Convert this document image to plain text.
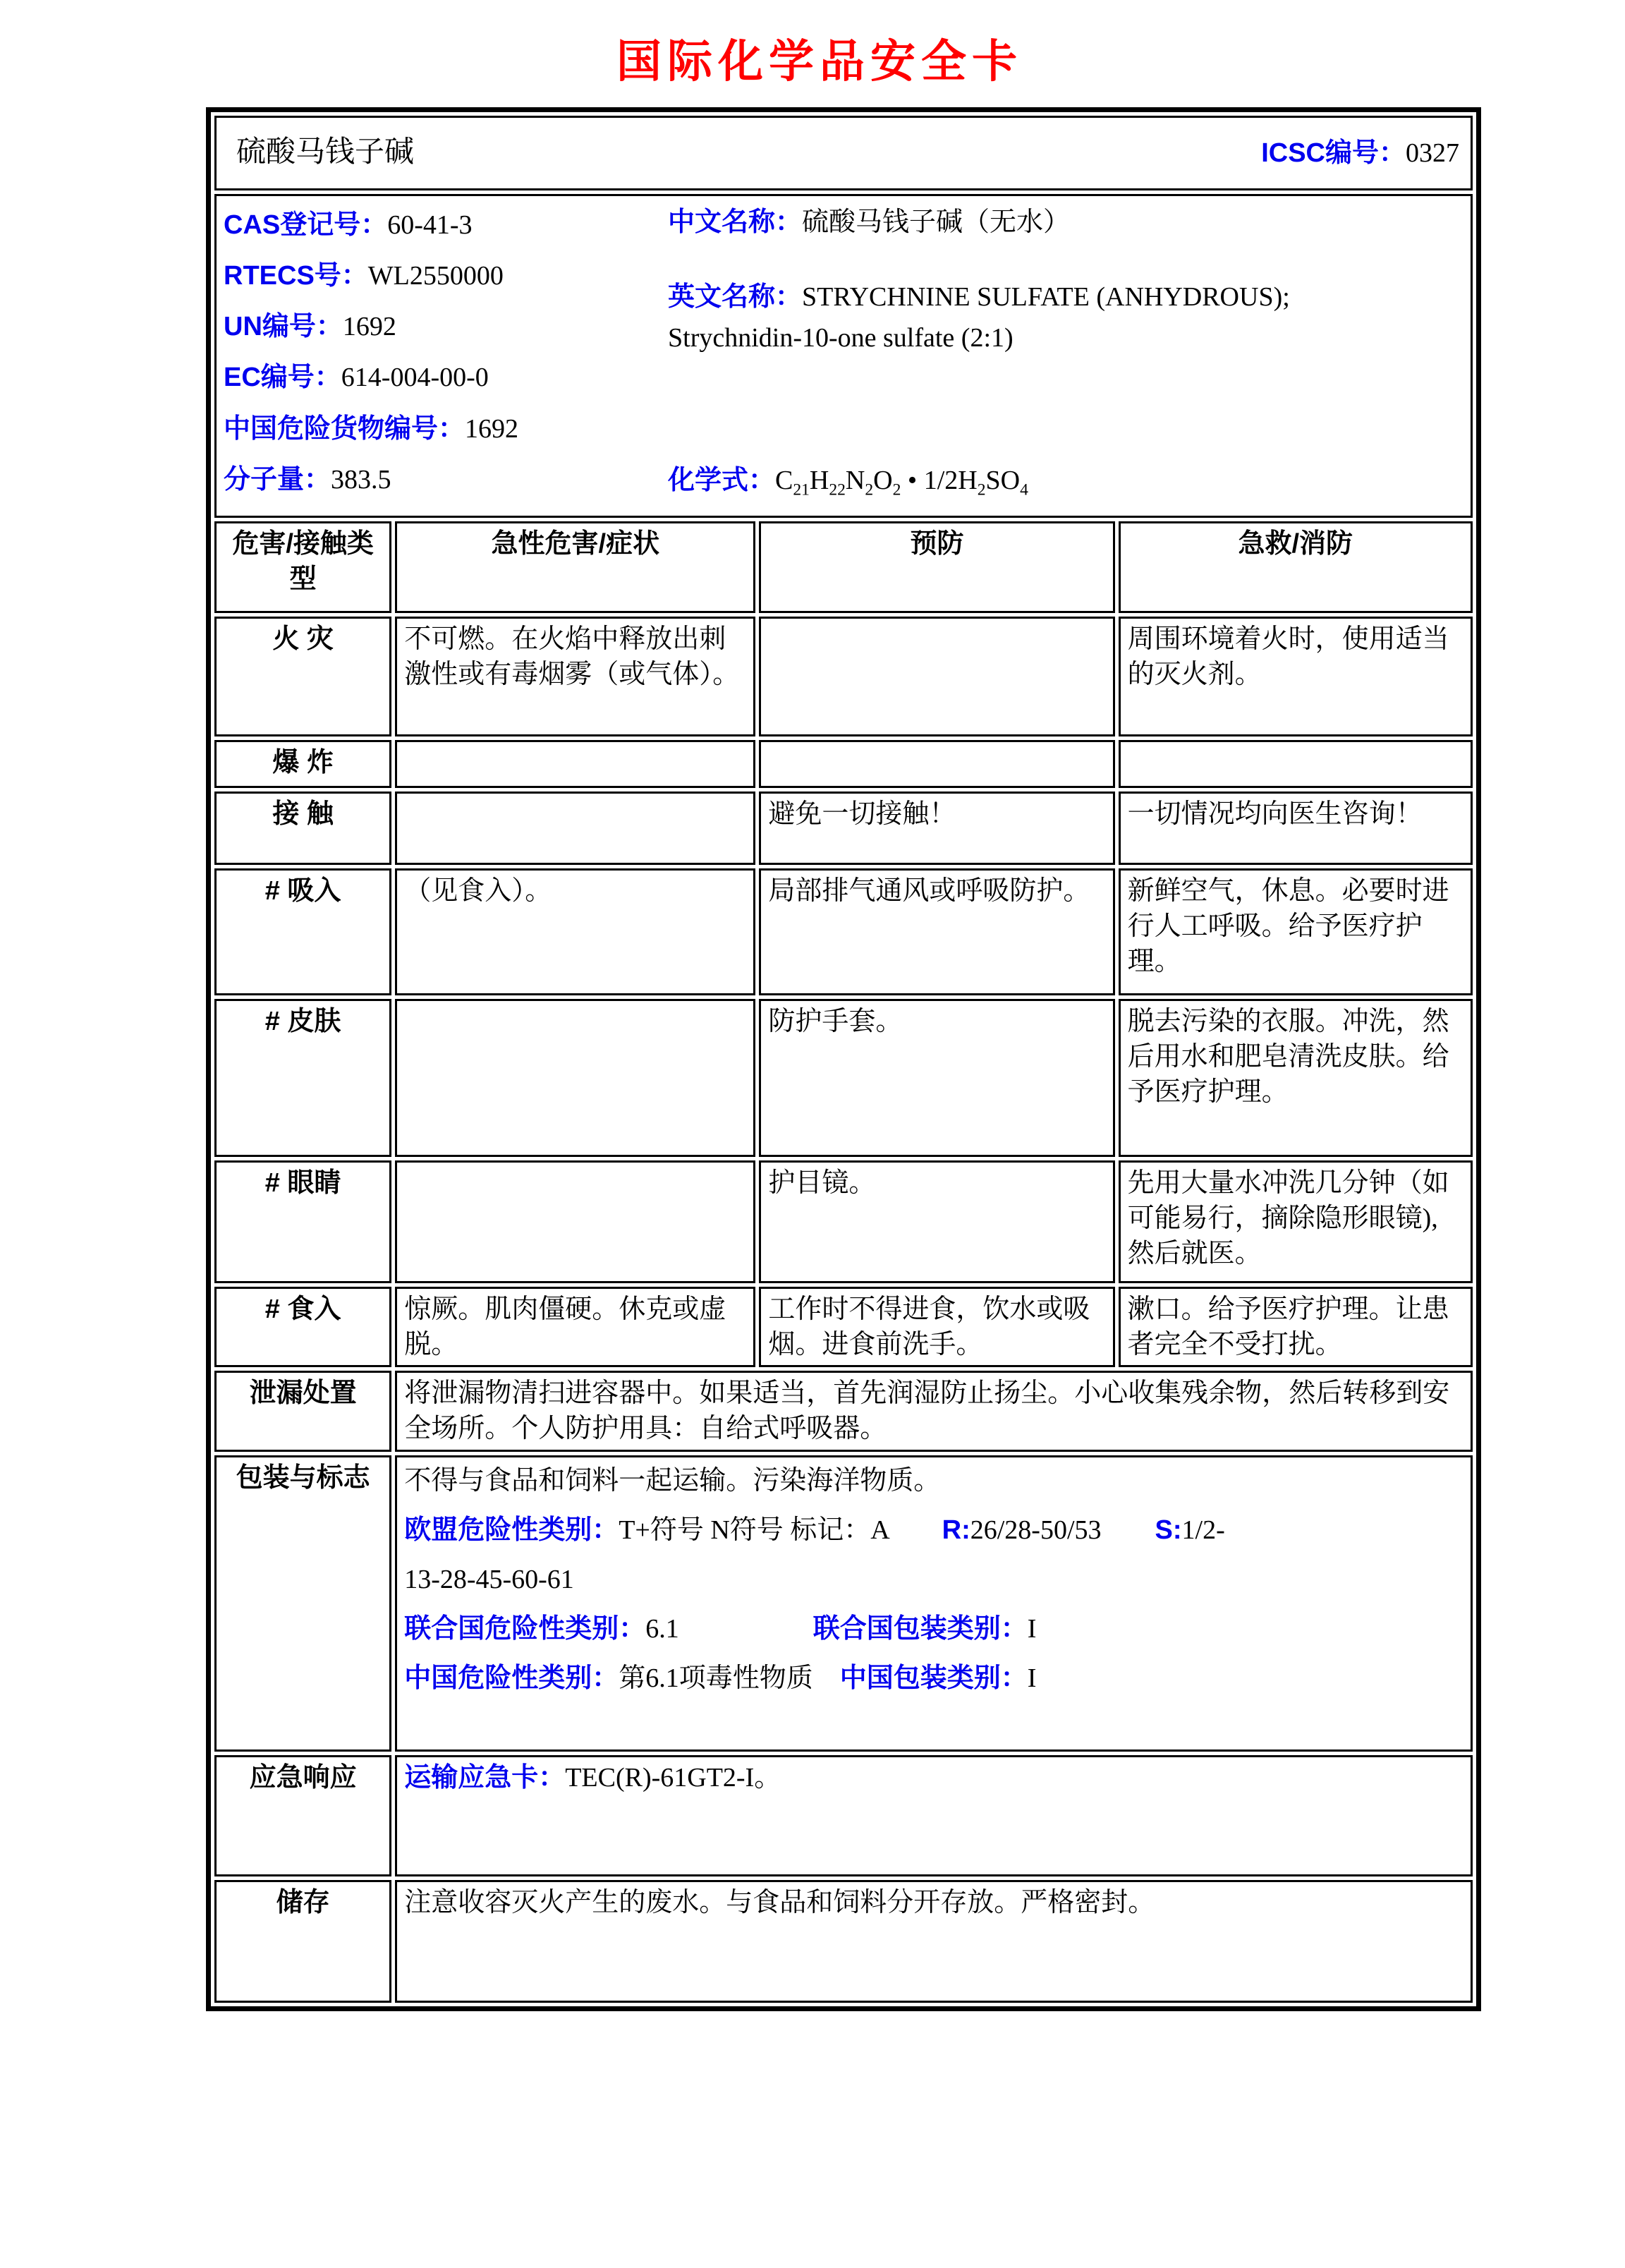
国际化学品安全卡
硫酸马钱子碱 ICSC编号：0327			

CAS登记号：60-41-3
RTECS号：WL2550000
UN编号：1692
EC编号：614-004-00-0
中国危险货物编号：1692
分子量：383.5
中文名称：硫酸马钱子碱（无水）
英文名称：STRYCHNINE SULFATE (ANHYDROUS);
Strychnidin-10-one sulfate (2:1)
化学式：$C_{21}H_{22}N_2O_2$ • $1/2H_2SO_4$

危害/接触类型	急性危害/症状	预防	急救/消防
火 灾	不可燃。在火焰中释放出刺激性或有毒烟雾（或气体）。		周围环境着火时，使用适当的灭火剂。
爆 炸			
接 触		避免一切接触！	一切情况均向医生咨询！
# 吸入	（见食入）。	局部排气通风或呼吸防护。	新鲜空气，休息。必要时进行人工呼吸。给予医疗护理。
# 皮肤		防护手套。	脱去污染的衣服。冲洗，然后用水和肥皂清洗皮肤。给予医疗护理。
# 眼睛		护目镜。	先用大量水冲洗几分钟（如可能易行，摘除隐形眼镜),然后就医。
# 食入	惊厥。肌肉僵硬。休克或虚脱。	工作时不得进食，饮水或吸烟。进食前洗手。	漱口。给予医疗护理。让患者完全不受打扰。
泄漏处置	将泄漏物清扫进容器中。如果适当，首先润湿防止扬尘。小心收集残余物，然后转移到安全场所。个人防护用具：自给式呼吸器。		
包装与标志	不得与食品和饲料一起运输。污染海洋物质。
欧盟危险性类别：T+符号 N符号 标记：A　　R:26/28-50/53　　S:1/2-
13-28-45-60-61
联合国危险性类别：6.1　　　　　联合国包装类别：I
中国危险性类别：第6.1项毒性物质　中国包装类别：I		

应急响应	运输应急卡：TEC(R)-61GT2-I。		
储存	注意收容灭火产生的废水。与食品和饲料分开存放。严格密封。		
